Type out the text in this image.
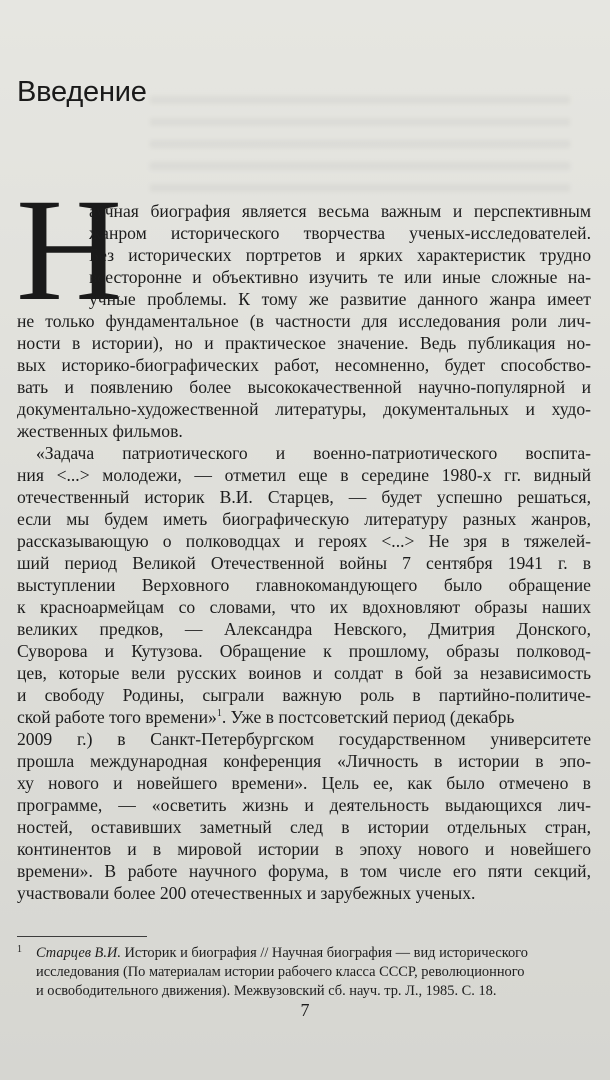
Введение
Н
аучная биография является весьма важным и перспективным
жанром исторического творчества ученых-исследователей.
Без исторических портретов и ярких характеристик трудно
всесторонне и объективно изучить те или иные сложные на-
учные проблемы. К тому же развитие данного жанра имеет
не только фундаментальное (в частности для исследования роли лич-
ности в истории), но и практическое значение. Ведь публикация но-
вых историко-биографических работ, несомненно, будет способство-
вать и появлению более высококачественной научно-популярной и
документально-художественной литературы, документальных и худо-
жественных фильмов.
«Задача патриотического и военно-патриотического воспита-
ния <...> молодежи, — отметил еще в середине 1980-х гг. видный
отечественный историк В.И. Старцев, — будет успешно решаться,
если мы будем иметь биографическую литературу разных жанров,
рассказывающую о полководцах и героях <...> Не зря в тяжелей-
ший период Великой Отечественной войны 7 сентября 1941 г. в
выступлении Верховного главнокомандующего было обращение
к красноармейцам со словами, что их вдохновляют образы наших
великих предков, — Александра Невского, Дмитрия Донского,
Суворова и Кутузова. Обращение к прошлому, образы полковод-
цев, которые вели русских воинов и солдат в бой за независимость
и свободу Родины, сыграли важную роль в партийно-политиче-
ской работе того времени»$^1$. Уже в постсоветский период (декабрь
2009 г.) в Санкт-Петербургском государственном университете
прошла международная конференция «Личность в истории в эпо-
ху нового и новейшего времени». Цель ее, как было отмечено в
программе, — «осветить жизнь и деятельность выдающихся лич-
ностей, оставивших заметный след в истории отдельных стран,
континентов и в мировой истории в эпоху нового и новейшего
времени». В работе научного форума, в том числе его пяти секций,
участвовали более 200 отечественных и зарубежных ученых.
1 Старцев В.И. Историк и биография // Научная биография — вид исторического
исследования (По материалам истории рабочего класса СССР, революционного
и освободительного движения). Межвузовский сб. науч. тр. Л., 1985. С. 18.
7
